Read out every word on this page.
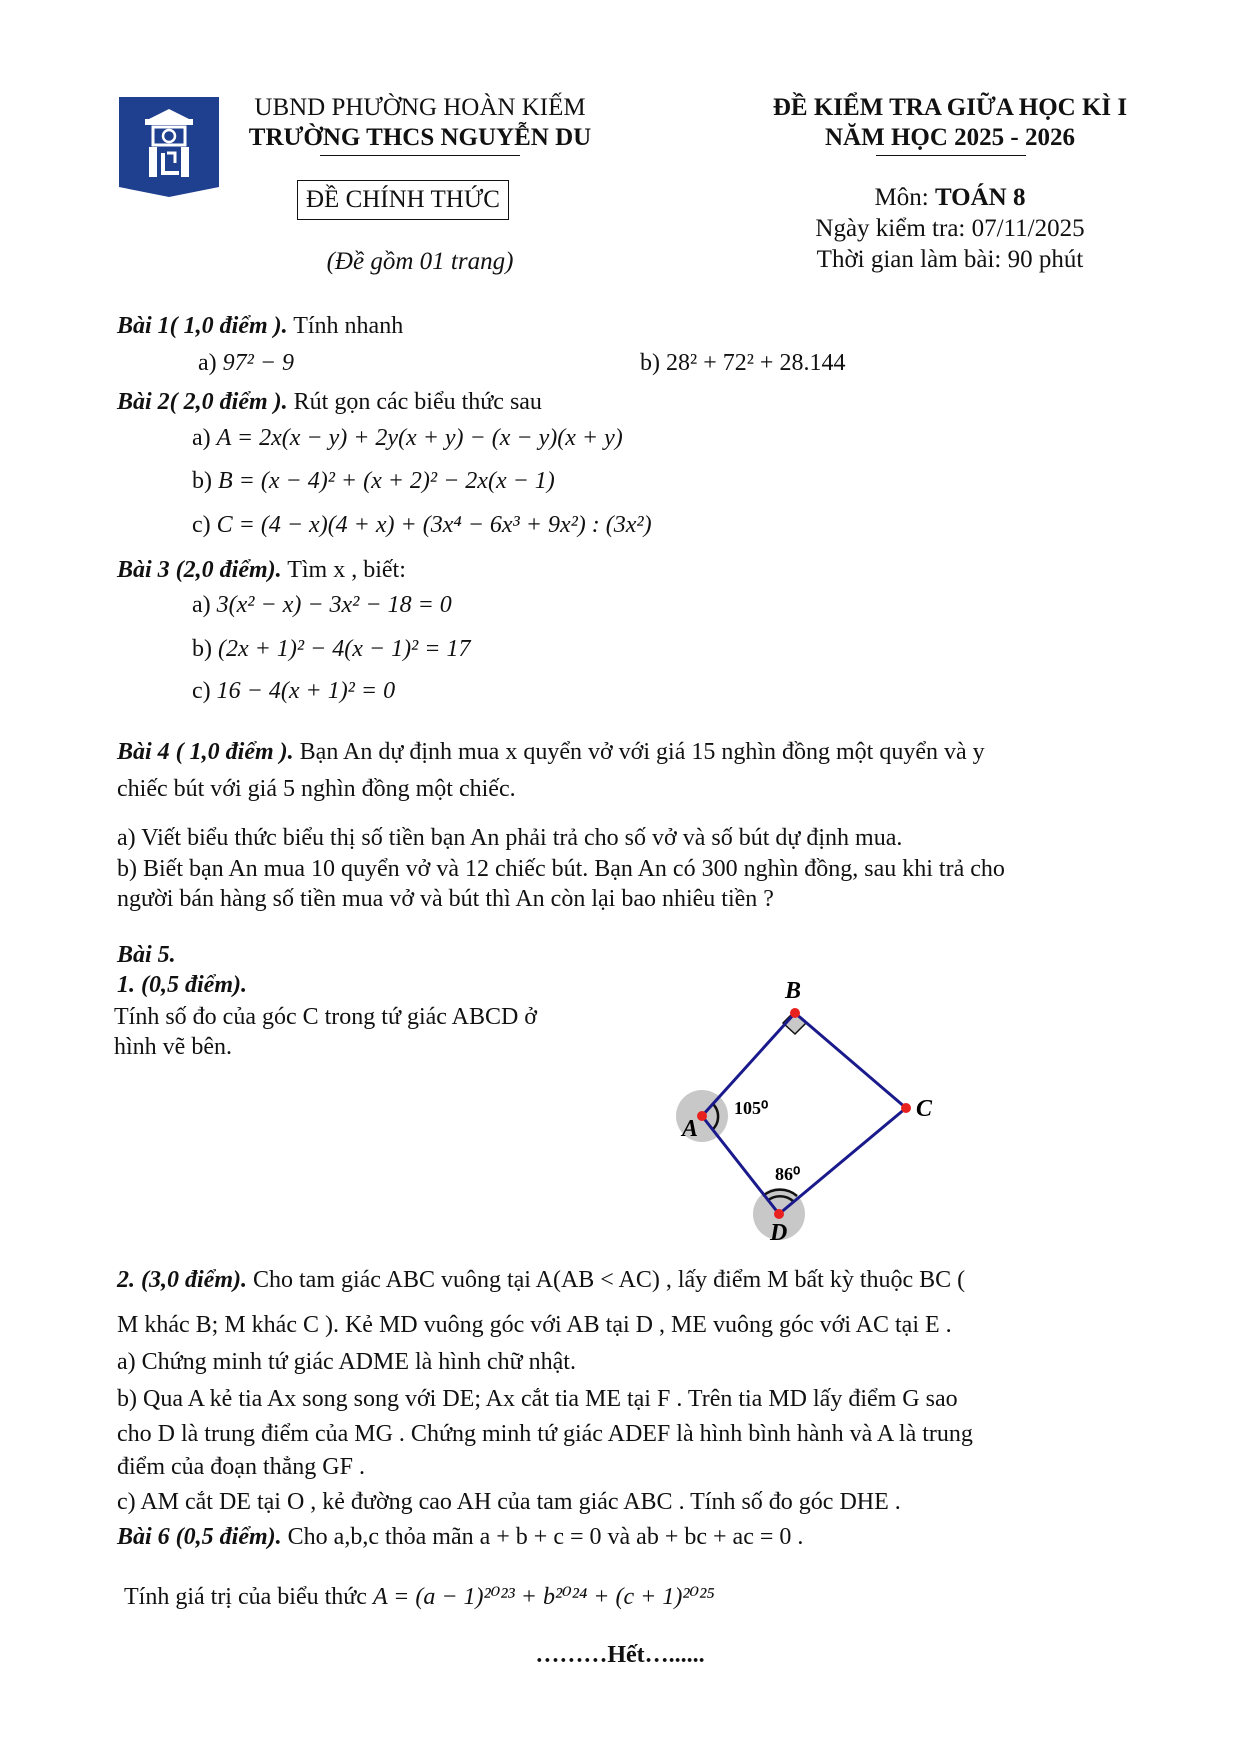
UBND PHƯỜNG HOÀN KIẾM
TRƯỜNG THCS NGUYỄN DU
ĐỀ CHÍNH THỨC
(Đề gồm 01 trang)
ĐỀ KIỂM TRA GIỮA HỌC KÌ I
NĂM HỌC 2025 - 2026
Môn: TOÁN 8
Ngày kiểm tra: 07/11/2025
Thời gian làm bài: 90 phút
Bài 1( 1,0 điểm ). Tính nhanh
a) 97² − 9	b) 28² + 72² + 28.144
Bài 2( 2,0 điểm ). Rút gọn các biểu thức sau
a) A = 2x(x − y) + 2y(x + y) − (x − y)(x + y)
b) B = (x − 4)² + (x + 2)² − 2x(x − 1)
c) C = (4 − x)(4 + x) + (3x⁴ − 6x³ + 9x²) : (3x²)
Bài 3 (2,0 điểm). Tìm x , biết:
a) 3(x² − x) − 3x² − 18 = 0
b) (2x + 1)² − 4(x − 1)² = 17
c) 16 − 4(x + 1)² = 0
Bài 4 ( 1,0 điểm ). Bạn An dự định mua x quyển vở với giá 15 nghìn đồng một quyển và y
chiếc bút với giá 5 nghìn đồng một chiếc.
a) Viết biểu thức biểu thị số tiền bạn An phải trả cho số vở và số bút dự định mua.
b) Biết bạn An mua 10 quyển vở và 12 chiếc bút. Bạn An có 300 nghìn đồng, sau khi trả cho
người bán hàng số tiền mua vở và bút thì An còn lại bao nhiêu tiền ?
Bài 5.
1. (0,5 điểm).
Tính số đo của góc C trong tứ giác ABCD ở
hình vẽ bên.
B
C
D
A
105⁰
86⁰
2. (3,0 điểm). Cho tam giác ABC vuông tại A(AB < AC) , lấy điểm M bất kỳ thuộc BC (
M khác B; M khác C ). Kẻ MD vuông góc với AB tại D , ME vuông góc với AC tại E .
a) Chứng minh tứ giác ADME là hình chữ nhật.
b) Qua A kẻ tia Ax song song với DE; Ax cắt tia ME tại F . Trên tia MD lấy điểm G sao
cho D là trung điểm của MG . Chứng minh tứ giác ADEF là hình bình hành và A là trung
điểm của đoạn thẳng GF .
c) AM cắt DE tại O , kẻ đường cao AH của tam giác ABC . Tính số đo góc DHE .
Bài 6 (0,5 điểm). Cho a,b,c thỏa mãn a + b + c = 0 và ab + bc + ac = 0 .
Tính giá trị của biểu thức A = (a − 1)²⁰²³ + b²⁰²⁴ + (c + 1)²⁰²⁵
………Hết…......
